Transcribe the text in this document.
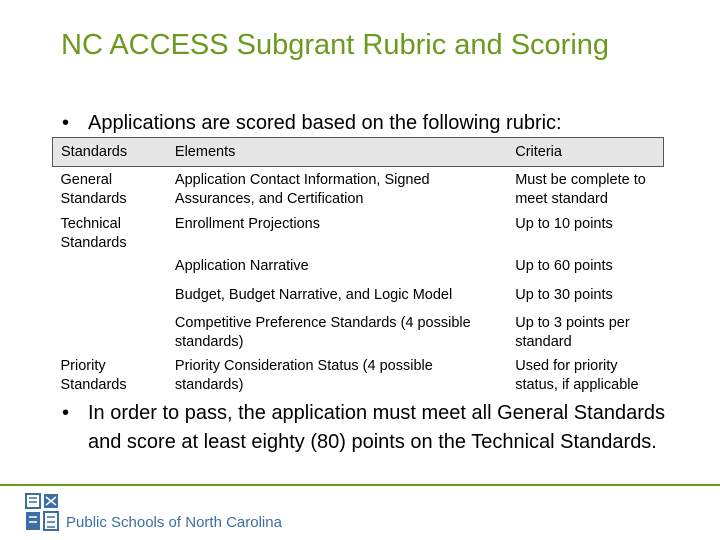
NC ACCESS Subgrant Rubric and Scoring
• Applications are scored based on the following rubric:
Standards	Elements	Criteria
General Standards	Application Contact Information, Signed Assurances, and Certification	Must be complete to meet standard
Technical Standards	Enrollment Projections	Up to 10 points
	Application Narrative	Up to 60 points
	Budget, Budget Narrative, and Logic Model	Up to 30 points
	Competitive Preference Standards (4 possible standards)	Up to 3 points per standard
Priority Standards	Priority Consideration Status (4 possible standards)	Used for priority status, if applicable
• In order to pass, the application must meet all General Standards and score at least eighty (80) points on the Technical Standards.
Public Schools of North Carolina
